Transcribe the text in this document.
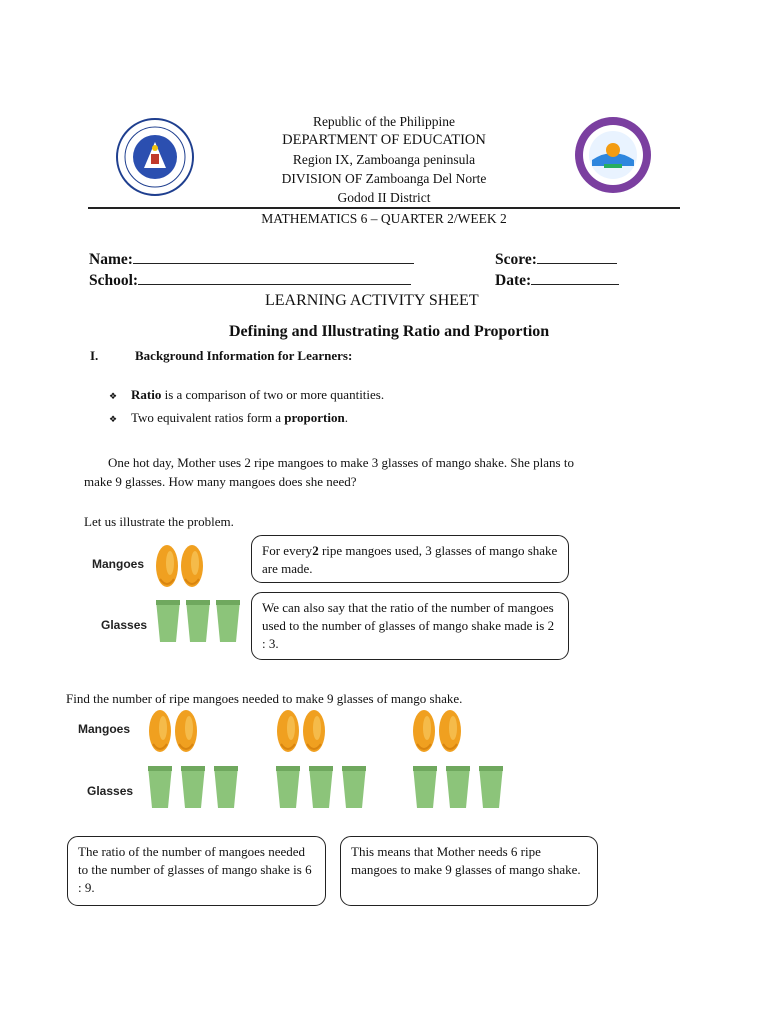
Republic of the Philippine
DEPARTMENT OF EDUCATION
Region IX, Zamboanga peninsula
DIVISION OF Zamboanga Del Norte
Godod II District
MATHEMATICS 6 – QUARTER 2/WEEK 2
Name:	Score:
School:	Date:
LEARNING ACTIVITY SHEET
Defining and Illustrating Ratio and Proportion
I.	Background Information for Learners:
❖ Ratio is a comparison of two or more quantities.
❖ Two equivalent ratios form a proportion.
One hot day, Mother uses 2 ripe mangoes to make 3 glasses of mango shake. She plans to
make 9 glasses. How many mangoes does she need?
Let us illustrate the problem.
Mangoes
Glasses
For every2 ripe mangoes used, 3 glasses of mango shake are made.
We can also say that the ratio of the number of mangoes used to the number of glasses of mango shake made is 2 : 3.
Find the number of ripe mangoes needed to make 9 glasses of mango shake.
Mangoes
Glasses
The ratio of the number of mangoes needed to the number of glasses of mango shake is 6 : 9.
This means that Mother needs 6 ripe mangoes to make 9 glasses of mango shake.
